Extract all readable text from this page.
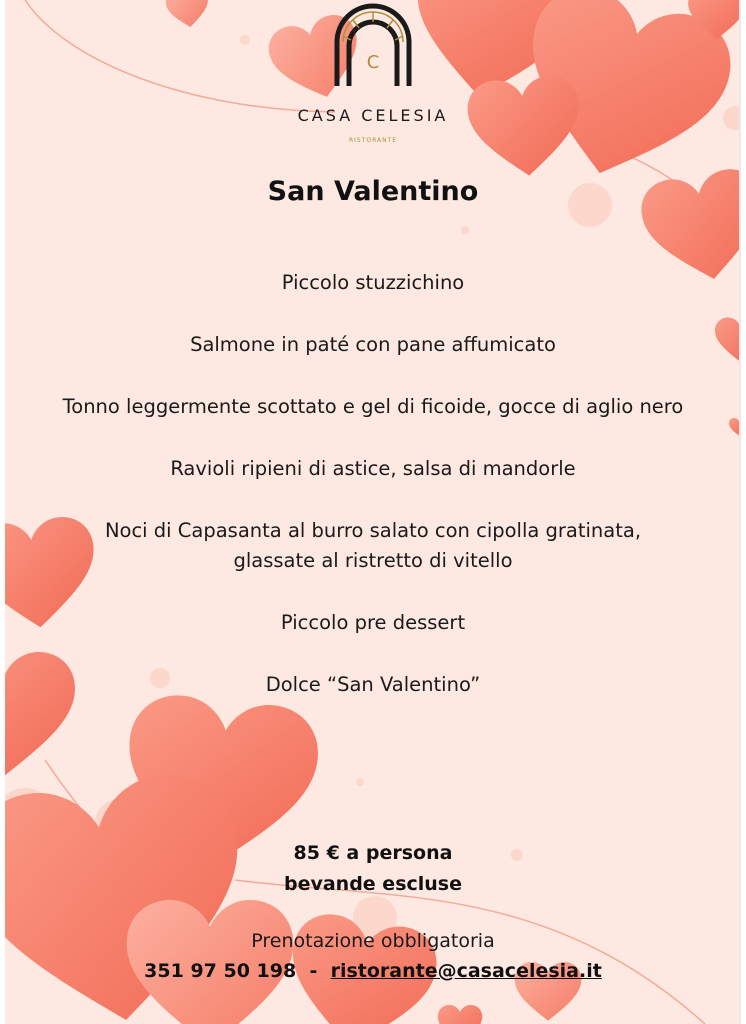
C
CASA CELESIA
RISTORANTE
San Valentino
Piccolo stuzzichino
Salmone in paté con pane affumicato
Tonno leggermente scottato e gel di ficoide, gocce di aglio nero
Ravioli ripieni di astice, salsa di mandorle
Noci di Capasanta al burro salato con cipolla gratinata,
glassate al ristretto di vitello
Piccolo pre dessert
Dolce “San Valentino”
85 € a persona
bevande escluse
Prenotazione obbligatoria
351 97 50 198 - ristorante@casacelesia.it
